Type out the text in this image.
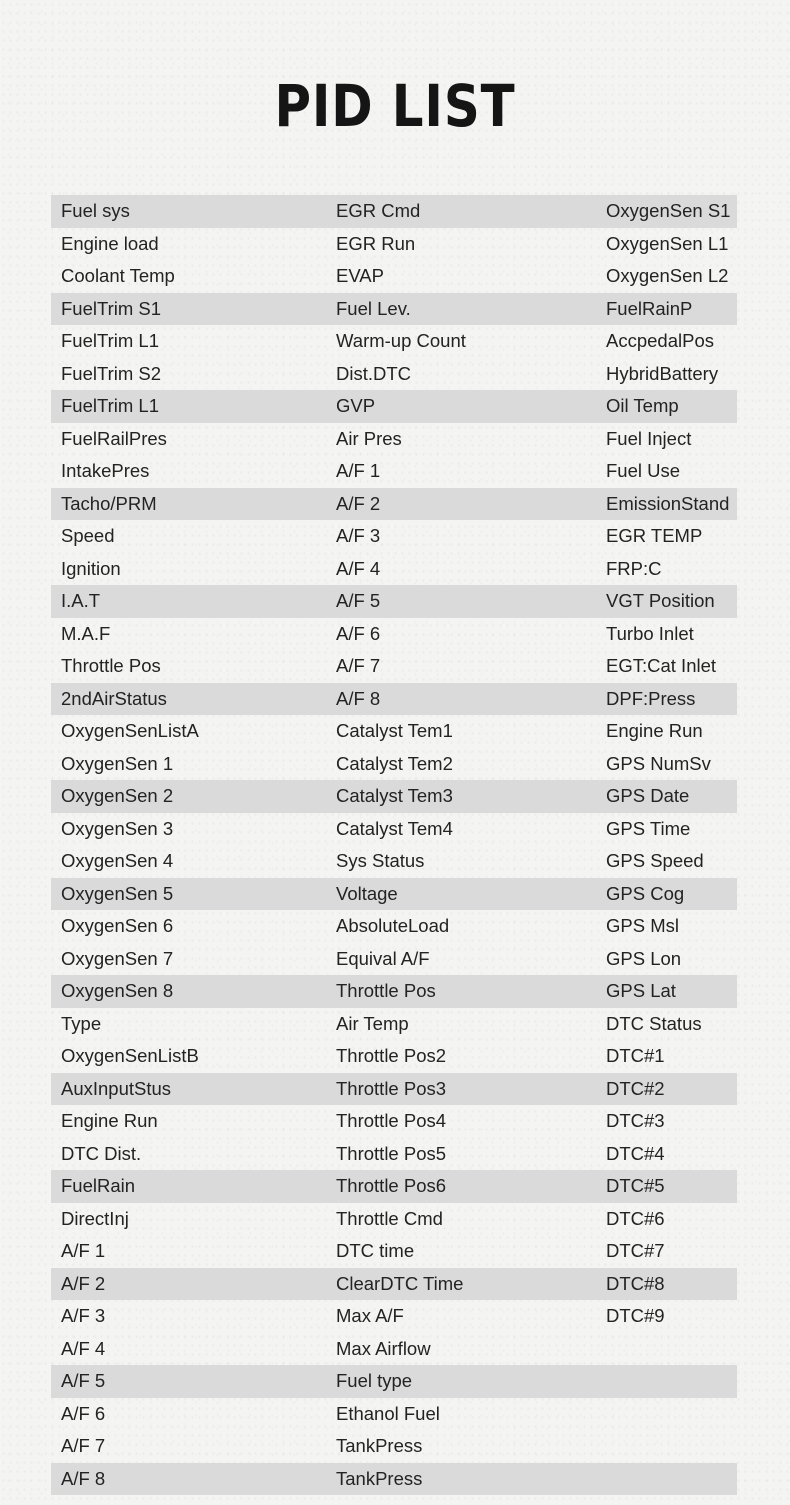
PID LIST
Fuel sys	EGR Cmd	OxygenSen S1
Engine load	EGR Run	OxygenSen L1
Coolant Temp	EVAP	OxygenSen L2
FuelTrim S1	Fuel Lev.	FuelRainP
FuelTrim L1	Warm-up Count	AccpedalPos
FuelTrim S2	Dist.DTC	HybridBattery
FuelTrim L1	GVP	Oil Temp
FuelRailPres	Air Pres	Fuel Inject
IntakePres	A/F 1	Fuel Use
Tacho/PRM	A/F 2	EmissionStand
Speed	A/F 3	EGR TEMP
Ignition	A/F 4	FRP:C
I.A.T	A/F 5	VGT Position
M.A.F	A/F 6	Turbo Inlet
Throttle Pos	A/F 7	EGT:Cat Inlet
2ndAirStatus	A/F 8	DPF:Press
OxygenSenListA	Catalyst Tem1	Engine Run
OxygenSen 1	Catalyst Tem2	GPS NumSv
OxygenSen 2	Catalyst Tem3	GPS Date
OxygenSen 3	Catalyst Tem4	GPS Time
OxygenSen 4	Sys Status	GPS Speed
OxygenSen 5	Voltage	GPS Cog
OxygenSen 6	AbsoluteLoad	GPS Msl
OxygenSen 7	Equival A/F	GPS Lon
OxygenSen 8	Throttle Pos	GPS Lat
Type	Air Temp	DTC Status
OxygenSenListB	Throttle Pos2	DTC#1
AuxInputStus	Throttle Pos3	DTC#2
Engine Run	Throttle Pos4	DTC#3
DTC Dist.	Throttle Pos5	DTC#4
FuelRain	Throttle Pos6	DTC#5
DirectInj	Throttle Cmd	DTC#6
A/F 1	DTC time	DTC#7
A/F 2	ClearDTC Time	DTC#8
A/F 3	Max A/F	DTC#9
A/F 4	Max Airflow
A/F 5	Fuel type
A/F 6	Ethanol Fuel
A/F 7	TankPress
A/F 8	TankPress
